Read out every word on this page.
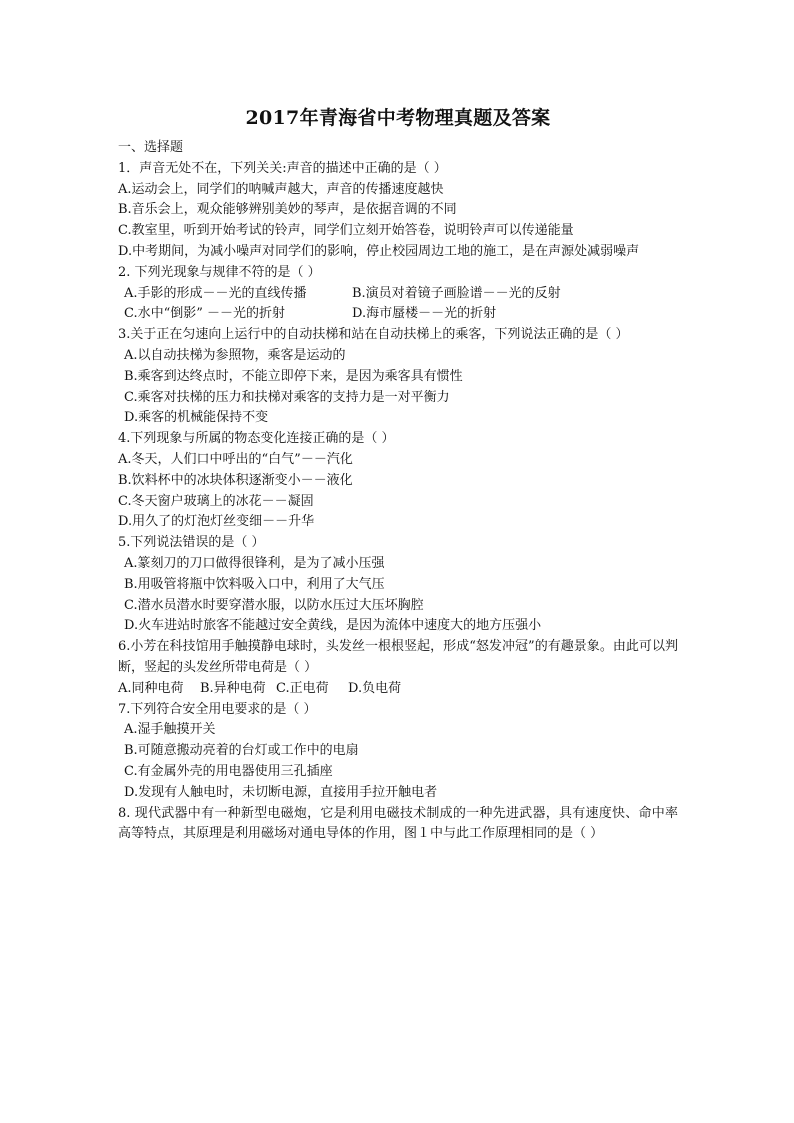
2017年青海省中考物理真题及答案
一、选择题
1．声音无处不在，下列关关:声音的描述中正确的是（ ）
A.运动会上，同学们的呐喊声越大，声音的传播速度越快
B.音乐会上，观众能够辨别美妙的琴声，是依据音调的不同
C.教室里，听到开始考试的铃声，同学们立刻开始答卷，说明铃声可以传递能量
D.中考期间，为减小噪声对同学们的影响，停止校园周边工地的施工，是在声源处减弱噪声
2. 下列光现象与规律不符的是（ ）
A.手影的形成－－光的直线传播	B.演员对着镜子画脸谱－－光的反射
C.水中“倒影” －－光的折射	D.海市蜃楼－－光的折射
3.关于正在匀速向上运行中的自动扶梯和站在自动扶梯上的乘客，下列说法正确的是（ ）
A.以自动扶梯为参照物，乘客是运动的
B.乘客到达终点时，不能立即停下来，是因为乘客具有惯性
C.乘客对扶梯的压力和扶梯对乘客的支持力是一对平衡力
D.乘客的机械能保持不变
4.下列现象与所属的物态变化连接正确的是（ ）
A.冬天，人们口中呼出的“白气”－－汽化
B.饮料杯中的冰块体积逐渐变小－－液化
C.冬天窗户玻璃上的冰花－－凝固
D.用久了的灯泡灯丝变细－－升华
5.下列说法错误的是（ ）
A.篆刻刀的刀口做得很锋利，是为了减小压强
B.用吸管将瓶中饮料吸入口中，利用了大气压
C.潜水员潜水时要穿潜水服，以防水压过大压坏胸腔
D.火车进站时旅客不能越过安全黄线，是因为流体中速度大的地方压强小
6.小芳在科技馆用手触摸静电球时，头发丝一根根竖起，形成“怒发冲冠”的有趣景象。由此可以判断，竖起的头发丝所带电荷是（ ）
A.同种电荷	B.异种电荷 C.正电荷	D.负电荷
7.下列符合安全用电要求的是（ ）
A.湿手触摸开关
B.可随意搬动亮着的台灯或工作中的电扇
C.有金属外壳的用电器使用三孔插座
D.发现有人触电时，未切断电源，直接用手拉开触电者
8. 现代武器中有一种新型电磁炮，它是利用电磁技术制成的一种先进武器，具有速度快、命中率高等特点，其原理是利用磁场对通电导体的作用，图１中与此工作原理相同的是（ ）
